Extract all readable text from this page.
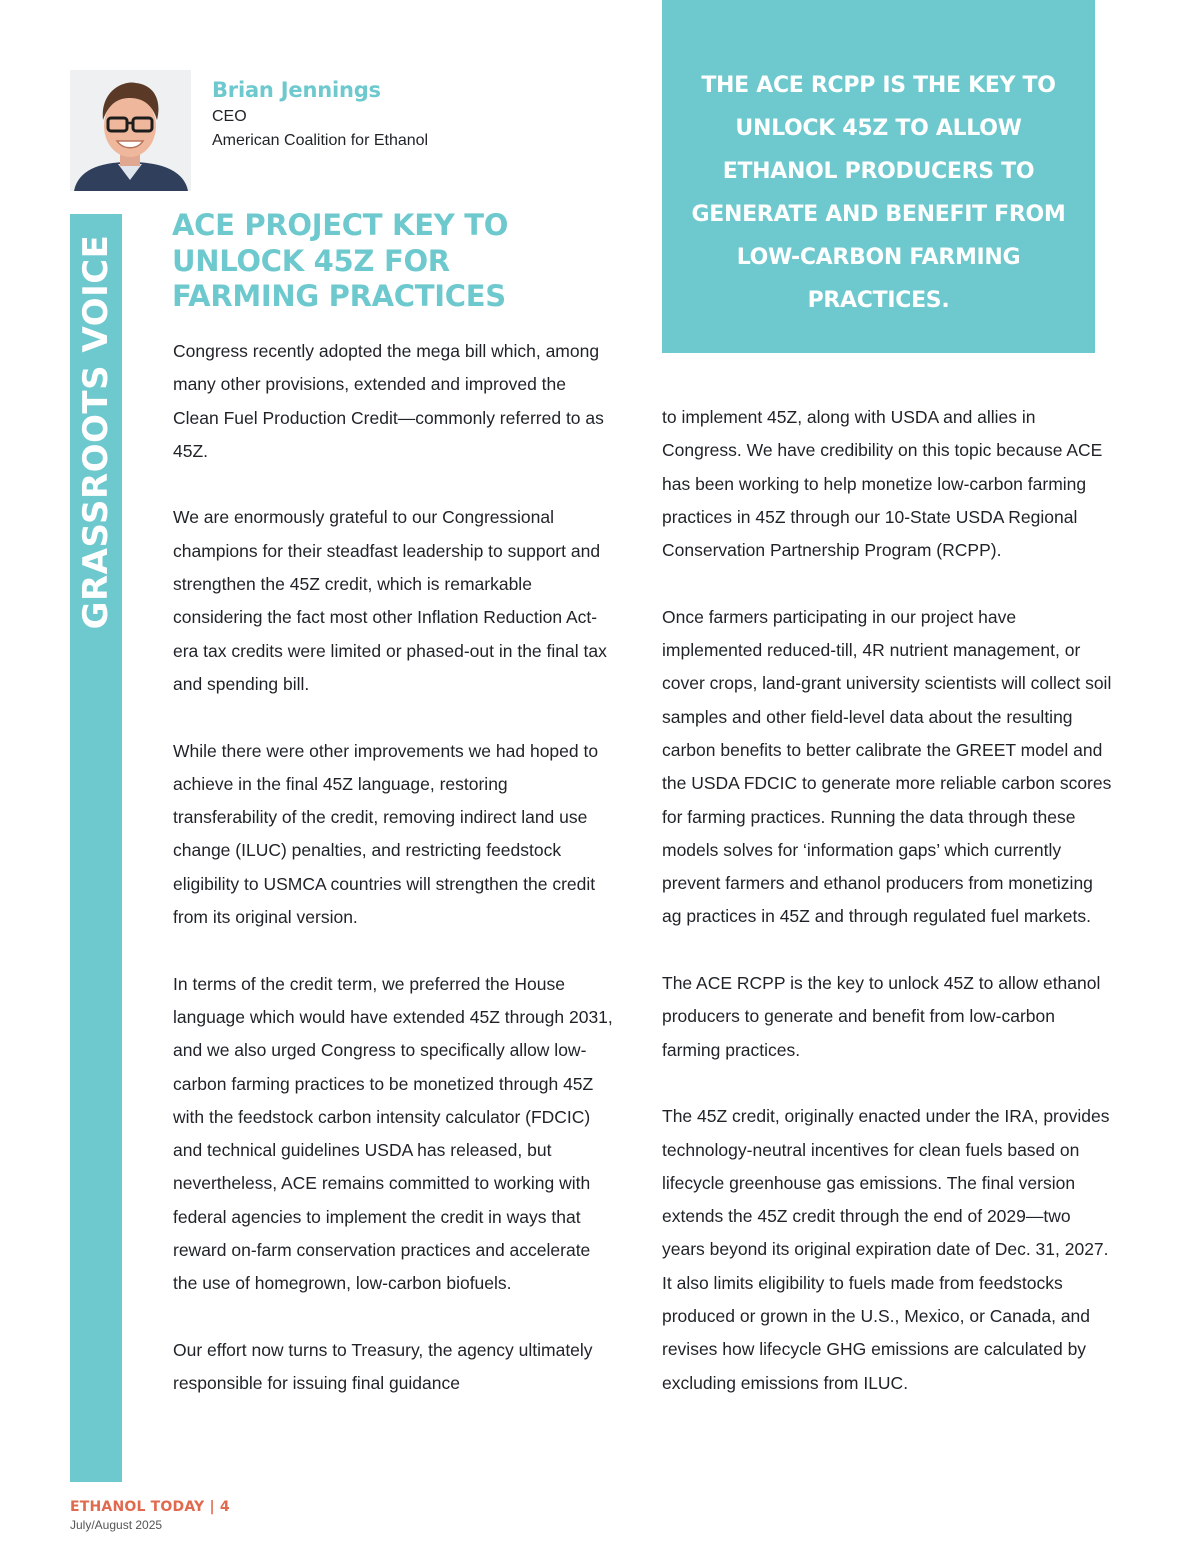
Brian Jennings
CEO
American Coalition for Ethanol
GRASSROOTS VOICE
ACE PROJECT KEY TO UNLOCK 45Z FOR FARMING PRACTICES

Congress recently adopted the mega bill which, among many other provisions, extended and improved the Clean Fuel Production Credit—commonly referred to as 45Z.

We are enormously grateful to our Congressional champions for their steadfast leadership to support and strengthen the 45Z credit, which is remarkable considering the fact most other Inflation Reduction Act-era tax credits were limited or phased-out in the final tax and spending bill.

While there were other improvements we had hoped to achieve in the final 45Z language, restoring transferability of the credit, removing indirect land use change (ILUC) penalties, and restricting feedstock eligibility to USMCA countries will strengthen the credit from its original version.

In terms of the credit term, we preferred the House language which would have extended 45Z through 2031, and we also urged Congress to specifically allow low-carbon farming practices to be monetized through 45Z with the feedstock carbon intensity calculator (FDCIC) and technical guidelines USDA has released, but nevertheless, ACE remains committed to working with federal agencies to implement the credit in ways that reward on-farm conservation practices and accelerate the use of homegrown, low-carbon biofuels.

Our effort now turns to Treasury, the agency ultimately responsible for issuing final guidance

THE ACE RCPP IS THE KEY TO UNLOCK 45Z TO ALLOW ETHANOL PRODUCERS TO GENERATE AND BENEFIT FROM LOW-CARBON FARMING PRACTICES.

to implement 45Z, along with USDA and allies in Congress. We have credibility on this topic because ACE has been working to help monetize low-carbon farming practices in 45Z through our 10-State USDA Regional Conservation Partnership Program (RCPP).

Once farmers participating in our project have implemented reduced-till, 4R nutrient management, or cover crops, land-grant university scientists will collect soil samples and other field-level data about the resulting carbon benefits to better calibrate the GREET model and the USDA FDCIC to generate more reliable carbon scores for farming practices. Running the data through these models solves for ‘information gaps’ which currently prevent farmers and ethanol producers from monetizing ag practices in 45Z and through regulated fuel markets.

The ACE RCPP is the key to unlock 45Z to allow ethanol producers to generate and benefit from low-carbon farming practices.

The 45Z credit, originally enacted under the IRA, provides technology-neutral incentives for clean fuels based on lifecycle greenhouse gas emissions. The final version extends the 45Z credit through the end of 2029—two years beyond its original expiration date of Dec. 31, 2027. It also limits eligibility to fuels made from feedstocks produced or grown in the U.S., Mexico, or Canada, and revises how lifecycle GHG emissions are calculated by excluding emissions from ILUC.

ETHANOL TODAY | 4
July/August 2025
